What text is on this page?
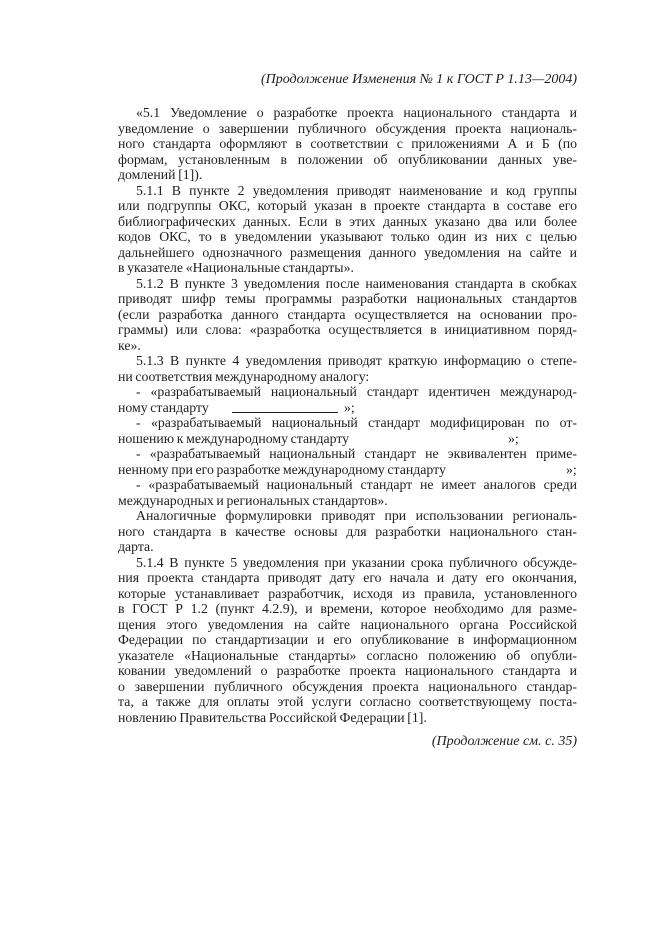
(Продолжение Изменения № 1 к ГОСТ Р 1.13—2004)
«5.1 Уведомление о разработке проекта национального стандарта и
уведомление о завершении публичного обсуждения проекта националь-
ного стандарта оформляют в соответствии с приложениями А и Б (по
формам, установленным в положении об опубликовании данных уве-
домлений [1]).
5.1.1 В пункте 2 уведомления приводят наименование и код группы
или подгруппы ОКС, который указан в проекте стандарта в составе его
библиографических данных. Если в этих данных указано два или более
кодов ОКС, то в уведомлении указывают только один из них с целью
дальнейшего однозначного размещения данного уведомления на сайте и
в указателе «Национальные стандарты».
5.1.2 В пункте 3 уведомления после наименования стандарта в скобках
приводят шифр темы программы разработки национальных стандартов
(если разработка данного стандарта осуществляется на основании про-
граммы) или слова: «разработка осуществляется в инициативном поряд-
ке».
5.1.3 В пункте 4 уведомления приводят краткую информацию о степе-
ни соответствия международному аналогу:
- «разрабатываемый национальный стандарт идентичен международ-
ному стандарту	»;
- «разрабатываемый национальный стандарт модифицирован по от-
ношению к международному стандарту	»;
- «разрабатываемый национальный стандарт не эквивалентен приме-
ненному при его разработке международному стандарту	»;
- «разрабатываемый национальный стандарт не имеет аналогов среди
международных и региональных стандартов».
Аналогичные формулировки приводят при использовании региональ-
ного стандарта в качестве основы для разработки национального стан-
дарта.
5.1.4 В пункте 5 уведомления при указании срока публичного обсужде-
ния проекта стандарта приводят дату его начала и дату его окончания,
которые устанавливает разработчик, исходя из правила, установленного
в ГОСТ Р 1.2 (пункт 4.2.9), и времени, которое необходимо для разме-
щения этого уведомления на сайте национального органа Российской
Федерации по стандартизации и его опубликование в информационном
указателе «Национальные стандарты» согласно положению об опубли-
ковании уведомлений о разработке проекта национального стандарта и
о завершении публичного обсуждения проекта национального стандар-
та, а также для оплаты этой услуги согласно соответствующему поста-
новлению Правительства Российской Федерации [1].
(Продолжение см. с. 35)
